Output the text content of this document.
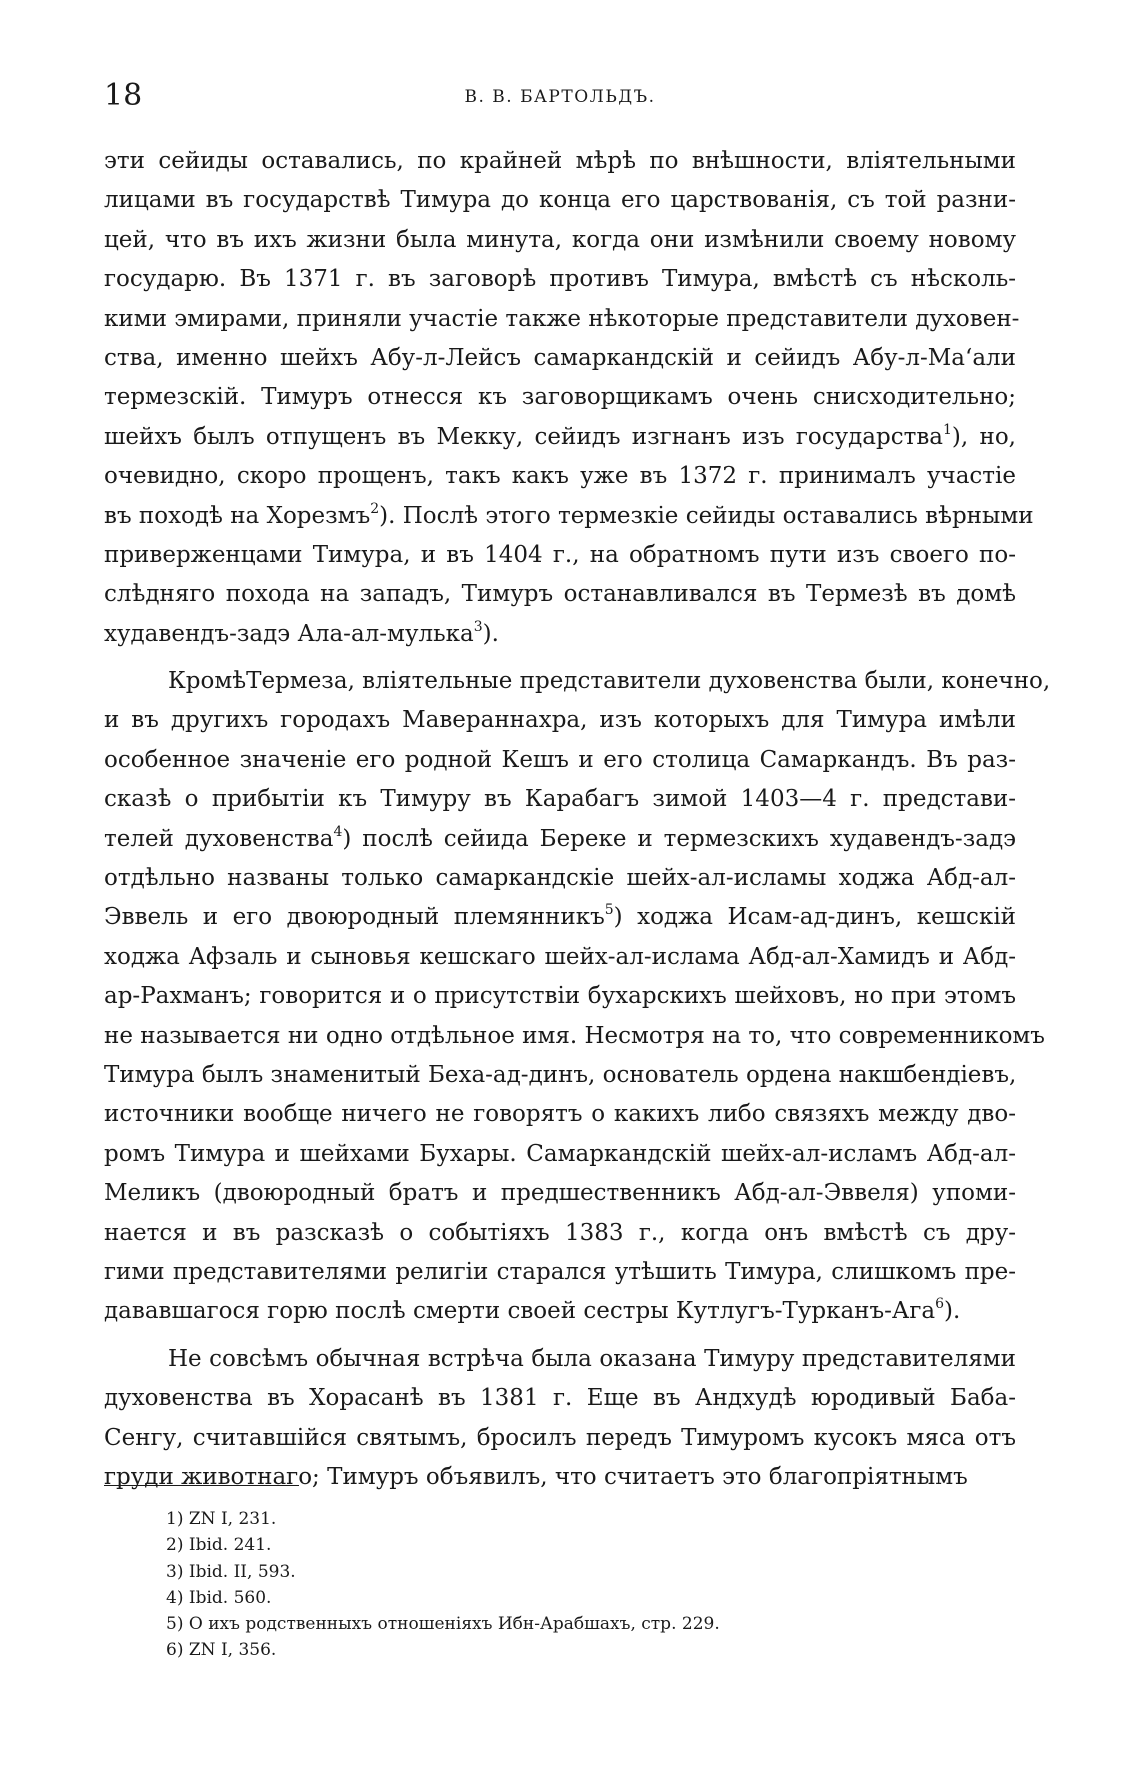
18	В. В. БАРТОЛЬДЪ.
эти сейиды оставались, по крайней мѣрѣ по внѣшности, вліятельными
лицами въ государствѣ Тимура до конца его царствованія, съ той разни-
цей, что въ ихъ жизни была минута, когда они измѣнили своему новому
государю. Въ 1371 г. въ заговорѣ противъ Тимура, вмѣстѣ съ нѣсколь-
кими эмирами, приняли участіе также нѣкоторые представители духовен-
ства, именно шейхъ Абу-л-Лейсъ самаркандскій и сейидъ Абу-л-Маʻали
термезскій. Тимуръ отнесся къ заговорщикамъ очень снисходительно;
шейхъ былъ отпущенъ въ Мекку, сейидъ изгнанъ изъ государства$^1$), но,
очевидно, скоро прощенъ, такъ какъ уже въ 1372 г. принималъ участіе
въ походѣ на Хорезмъ$^2$). Послѣ этого термезкіе сейиды оставались вѣрными
приверженцами Тимура, и въ 1404 г., на обратномъ пути изъ своего по-
слѣдняго похода на западъ, Тимуръ останавливался въ Термезѣ въ домѣ
худавендъ-задэ Ала-ал-мулька$^3$).
КромѣТермеза, вліятельные представители духовенства были, конечно,
и въ другихъ городахъ Мавераннахра, изъ которыхъ для Тимура имѣли
особенное значеніе его родной Кешъ и его столица Самаркандъ. Въ раз-
сказѣ о прибытіи къ Тимуру въ Карабагъ зимой 1403—4 г. представи-
телей духовенства$^4$) послѣ сейида Береке и термезскихъ худавендъ-задэ
отдѣльно названы только самаркандскіе шейх-ал-исламы ходжа Абд-ал-
Эввель и его двоюродный племянникъ$^5$) ходжа Исам-ад-динъ, кешскій
ходжа Афзаль и сыновья кешскаго шейх-ал-ислама Абд-ал-Хамидъ и Абд-
ар-Рахманъ; говорится и о присутствіи бухарскихъ шейховъ, но при этомъ
не называется ни одно отдѣльное имя. Несмотря на то, что современникомъ
Тимура былъ знаменитый Беха-ад-динъ, основатель ордена накшбендіевъ,
источники вообще ничего не говорятъ о какихъ либо связяхъ между дво-
ромъ Тимура и шейхами Бухары. Самаркандскій шейх-ал-исламъ Абд-ал-
Меликъ (двоюродный братъ и предшественникъ Абд-ал-Эввеля) упоми-
нается и въ разсказѣ о событіяхъ 1383 г., когда онъ вмѣстѣ съ дру-
гими представителями религіи старался утѣшить Тимура, слишкомъ пре-
дававшагося горю послѣ смерти своей сестры Кутлугъ-Турканъ-Ага$^6$).
Не совсѣмъ обычная встрѣча была оказана Тимуру представителями
духовенства въ Хорасанѣ въ 1381 г. Еще въ Андхудѣ юродивый Баба-
Сенгу, считавшійся святымъ, бросилъ передъ Тимуромъ кусокъ мяса отъ
груди животнаго; Тимуръ объявилъ, что считаетъ это благопріятнымъ
1) ZN I, 231.
2) Ibid. 241.
3) Ibid. II, 593.
4) Ibid. 560.
5) О ихъ родственныхъ отношеніяхъ Ибн-Арабшахъ, стр. 229.
6) ZN I, 356.
